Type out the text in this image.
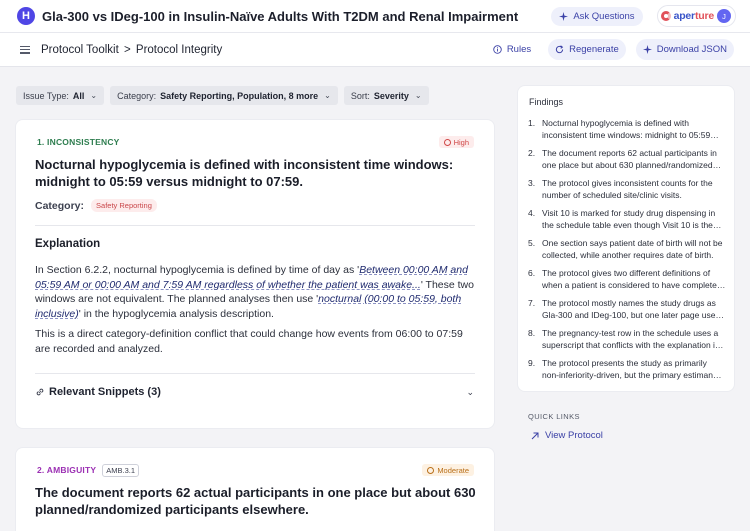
H Gla-300 vs IDeg-100 in Insulin-Naïve Adults With T2DM and Renal Impairment	Ask Questions	aperture	J
Protocol Toolkit > Protocol Integrity	Rules	Regenerate	Download JSON
Issue Type: All ⌄ Category: Safety Reporting, Population, 8 more ⌄ Sort: Severity ⌄
1. INCONSISTENCY	High
Nocturnal hypoglycemia is defined with inconsistent time windows: midnight to 05:59 versus midnight to 07:59.
Category:	Safety Reporting
Explanation
In Section 6.2.2, nocturnal hypoglycemia is defined by time of day as 'Between 00:00 AM and 05:59 AM or 00:00 AM and 7:59 AM regardless of whether the patient was awake...' These two windows are not equivalent. The planned analyses then use 'nocturnal (00:00 to 05:59, both inclusive)' in the hypoglycemia analysis description.
This is a direct category-definition conflict that could change how events from 06:00 to 07:59 are recorded and analyzed.
Relevant Snippets (3)	⌄
2. AMBIGUITY	AMB.3.1	Moderate
The document reports 62 actual participants in one place but about 630 planned/randomized participants elsewhere.
Findings
1. Nocturnal hypoglycemia is defined with inconsistent time windows: midnight to 05:59
2. The document reports 62 actual participants in one place but about 630 planned/randomized
3. The protocol gives inconsistent counts for the number of scheduled site/clinic visits.
4. Visit 10 is marked for study drug dispensing in the schedule table even though Visit 10 is the
5. One section says patient date of birth will not be collected, while another requires date of birth.
6. The protocol gives two different definitions of when a patient is considered to have completed
7. The protocol mostly names the study drugs as Gla-300 and IDeg-100, but one later page uses
8. The pregnancy-test row in the schedule uses a superscript that conflicts with the explanation in
9. The protocol presents the study as primarily non-inferiority-driven, but the primary estimand
QUICK LINKS
View Protocol
